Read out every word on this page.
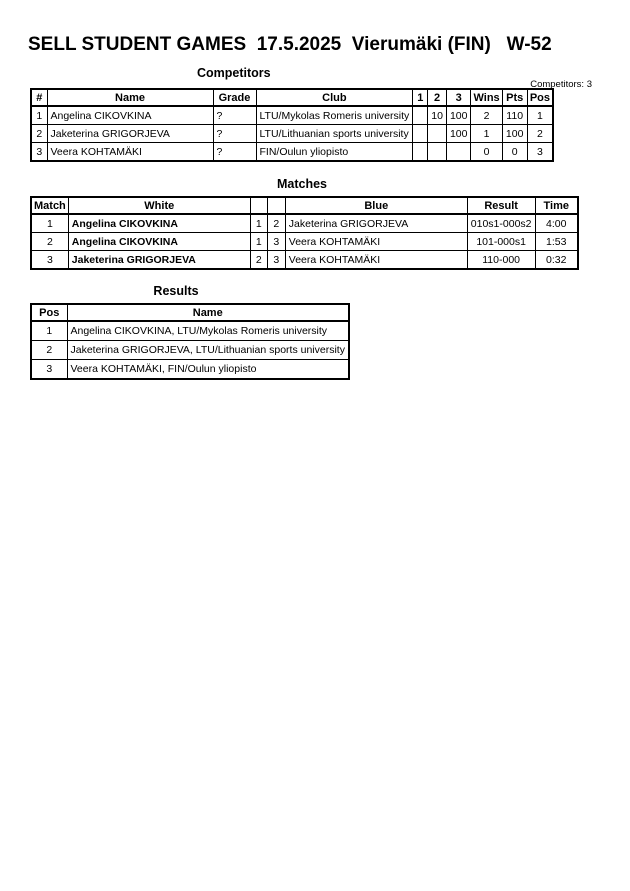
SELL STUDENT GAMES  17.5.2025  Vierumäki (FIN)   W-52
Competitors
Competitors: 3
#	Name	Grade	Club	1	2	3	Wins	Pts	Pos
1	Angelina CIKOVKINA	?	LTU/Mykolas Romeris university		10	100	2	110	1
2	Jaketerina GRIGORJEVA	?	LTU/Lithuanian sports university			100	1	100	2
3	Veera KOHTAMÄKI	?	FIN/Oulun yliopisto				0	0	3
Matches
Match	White			Blue	Result	Time
1	Angelina CIKOVKINA	1	2	Jaketerina GRIGORJEVA	010s1-000s2	4:00
2	Angelina CIKOVKINA	1	3	Veera KOHTAMÄKI	101-000s1	1:53
3	Jaketerina GRIGORJEVA	2	3	Veera KOHTAMÄKI	110-000	0:32
Results
Pos	Name
1	Angelina CIKOVKINA, LTU/Mykolas Romeris university
2	Jaketerina GRIGORJEVA, LTU/Lithuanian sports university
3	Veera KOHTAMÄKI, FIN/Oulun yliopisto
